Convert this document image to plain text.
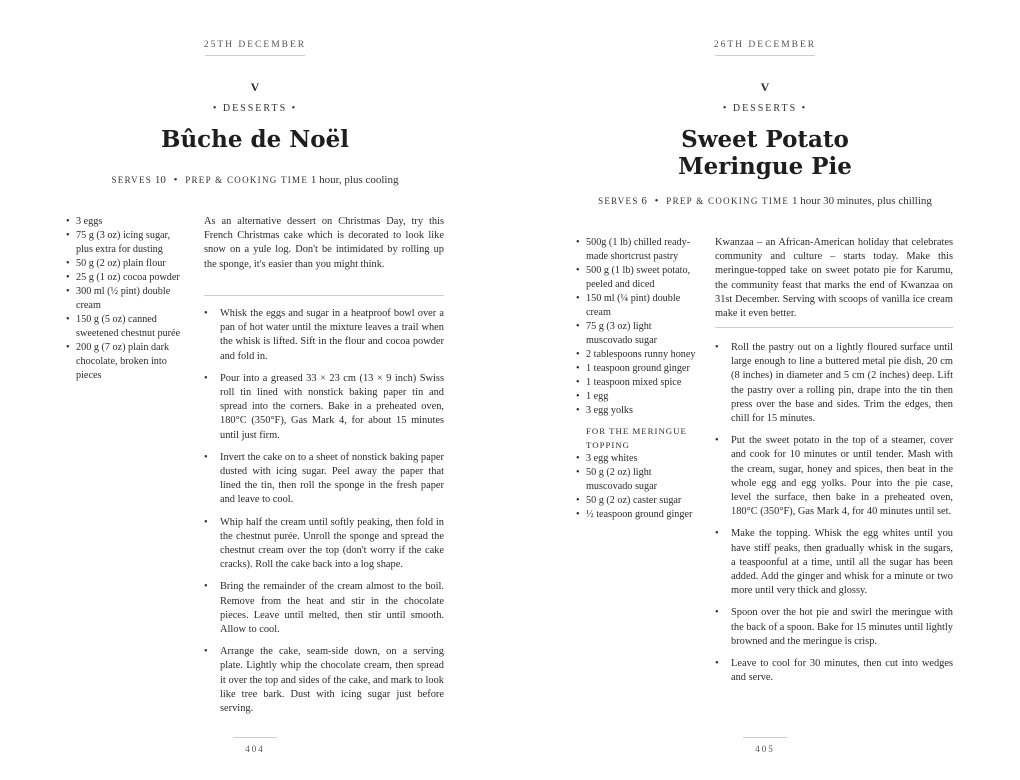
25TH DECEMBER
V
• DESSERTS •
Bûche de Noël
SERVES 10 • PREP & COOKING TIME 1 hour, plus cooling
• 3 eggs
• 75 g (3 oz) icing sugar, plus extra for dusting
• 50 g (2 oz) plain flour
• 25 g (1 oz) cocoa powder
• 300 ml (½ pint) double cream
• 150 g (5 oz) canned sweetened chestnut purée
• 200 g (7 oz) plain dark chocolate, broken into pieces

As an alternative dessert on Christmas Day, try this French Christmas cake which is decorated to look like snow on a yule log. Don't be intimidated by rolling up the sponge, it's easier than you might think.

• Whisk the eggs and sugar in a heatproof bowl over a pan of hot water until the mixture leaves a trail when the whisk is lifted. Sift in the flour and cocoa powder and fold in.
• Pour into a greased 33 × 23 cm (13 × 9 inch) Swiss roll tin lined with nonstick baking paper tin and spread into the corners. Bake in a preheated oven, 180°C (350°F), Gas Mark 4, for about 15 minutes until just firm.
• Invert the cake on to a sheet of nonstick baking paper dusted with icing sugar. Peel away the paper that lined the tin, then roll the sponge in the fresh paper and leave to cool.
• Whip half the cream until softly peaking, then fold in the chestnut purée. Unroll the sponge and spread the chestnut cream over the top (don't worry if the cake cracks). Roll the cake back into a log shape.
• Bring the remainder of the cream almost to the boil. Remove from the heat and stir in the chocolate pieces. Leave until melted, then stir until smooth. Allow to cool.
• Arrange the cake, seam-side down, on a serving plate. Lightly whip the chocolate cream, then spread it over the top and sides of the cake, and mark to look like tree bark. Dust with icing sugar just before serving.
404
26TH DECEMBER
V
• DESSERTS •
Sweet Potato
Meringue Pie
SERVES 6 • PREP & COOKING TIME 1 hour 30 minutes, plus chilling
• 500g (1 lb) chilled ready-made shortcrust pastry
• 500 g (1 lb) sweet potato, peeled and diced
• 150 ml (¼ pint) double cream
• 75 g (3 oz) light muscovado sugar
• 2 tablespoons runny honey
• 1 teaspoon ground ginger
• 1 teaspoon mixed spice
• 1 egg
• 3 egg yolks
FOR THE MERINGUE TOPPING
• 3 egg whites
• 50 g (2 oz) light muscovado sugar
• 50 g (2 oz) caster sugar
• ½ teaspoon ground ginger

Kwanzaa – an African-American holiday that celebrates community and culture – starts today. Make this meringue-topped take on sweet potato pie for Karumu, the community feast that marks the end of Kwanzaa on 31st December. Serving with scoops of vanilla ice cream make it even better.

• Roll the pastry out on a lightly floured surface until large enough to line a buttered metal pie dish, 20 cm (8 inches) in diameter and 5 cm (2 inches) deep. Lift the pastry over a rolling pin, drape into the tin then press over the base and sides. Trim the edges, then chill for 15 minutes.
• Put the sweet potato in the top of a steamer, cover and cook for 10 minutes or until tender. Mash with the cream, sugar, honey and spices, then beat in the whole egg and egg yolks. Pour into the pie case, level the surface, then bake in a preheated oven, 180°C (350°F), Gas Mark 4, for 40 minutes until set.
• Make the topping. Whisk the egg whites until you have stiff peaks, then gradually whisk in the sugars, a teaspoonful at a time, until all the sugar has been added. Add the ginger and whisk for a minute or two more until very thick and glossy.
• Spoon over the hot pie and swirl the meringue with the back of a spoon. Bake for 15 minutes until lightly browned and the meringue is crisp.
• Leave to cool for 30 minutes, then cut into wedges and serve.
405
